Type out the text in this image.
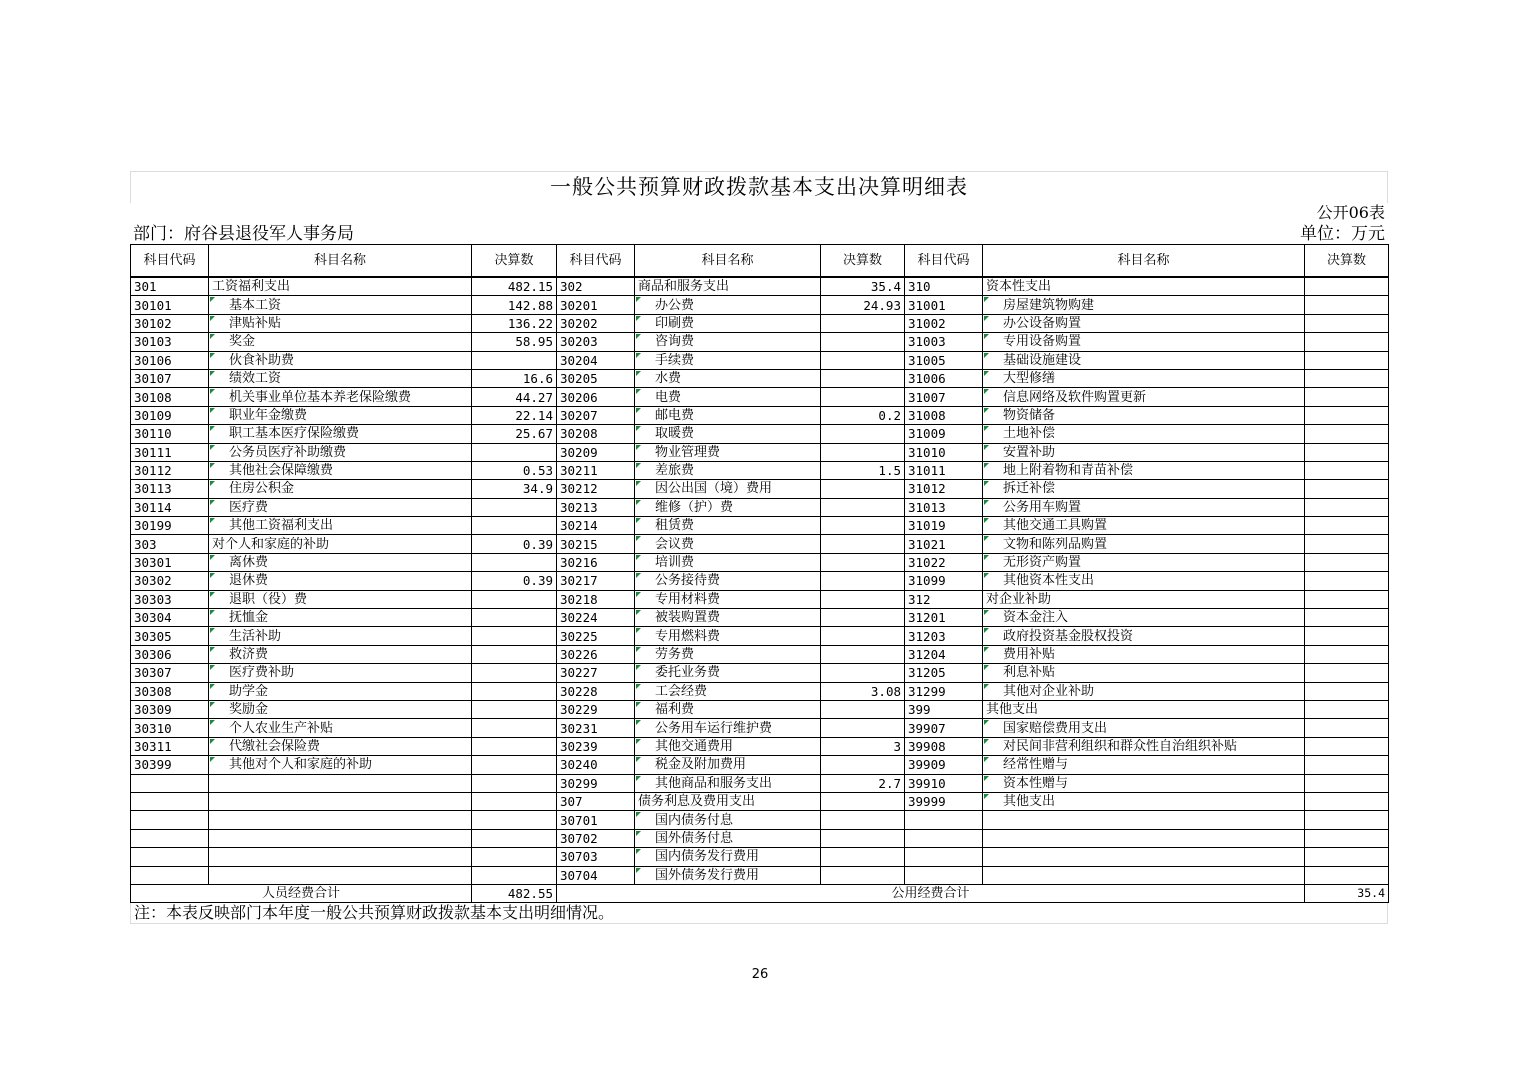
一般公共预算财政拨款基本支出决算明细表
部门：府谷县退役军人事务局
公开06表
单位：万元
科目代码	科目名称	决算数	科目代码	科目名称	决算数	科目代码	科目名称	决算数
301	工资福利支出	482.15	302	商品和服务支出	35.4	310	资本性支出	
30101	基本工资	142.88	30201	办公费	24.93	31001	房屋建筑物购建	
30102	津贴补贴	136.22	30202	印刷费		31002	办公设备购置	
30103	奖金	58.95	30203	咨询费		31003	专用设备购置	
30106	伙食补助费		30204	手续费		31005	基础设施建设	
30107	绩效工资	16.6	30205	水费		31006	大型修缮	
30108	机关事业单位基本养老保险缴费	44.27	30206	电费		31007	信息网络及软件购置更新	
30109	职业年金缴费	22.14	30207	邮电费	0.2	31008	物资储备	
30110	职工基本医疗保险缴费	25.67	30208	取暖费		31009	土地补偿	
30111	公务员医疗补助缴费		30209	物业管理费		31010	安置补助	
30112	其他社会保障缴费	0.53	30211	差旅费	1.5	31011	地上附着物和青苗补偿	
30113	住房公积金	34.9	30212	因公出国（境）费用		31012	拆迁补偿	
30114	医疗费		30213	维修（护）费		31013	公务用车购置	
30199	其他工资福利支出		30214	租赁费		31019	其他交通工具购置	
303	对个人和家庭的补助	0.39	30215	会议费		31021	文物和陈列品购置	
30301	离休费		30216	培训费		31022	无形资产购置	
30302	退休费	0.39	30217	公务接待费		31099	其他资本性支出	
30303	退职（役）费		30218	专用材料费		312	对企业补助	
30304	抚恤金		30224	被装购置费		31201	资本金注入	
30305	生活补助		30225	专用燃料费		31203	政府投资基金股权投资	
30306	救济费		30226	劳务费		31204	费用补贴	
30307	医疗费补助		30227	委托业务费		31205	利息补贴	
30308	助学金		30228	工会经费	3.08	31299	其他对企业补助	
30309	奖励金		30229	福利费		399	其他支出	
30310	个人农业生产补贴		30231	公务用车运行维护费		39907	国家赔偿费用支出	
30311	代缴社会保险费		30239	其他交通费用	3	39908	对民间非营利组织和群众性自治组织补贴	
30399	其他对个人和家庭的补助		30240	税金及附加费用		39909	经常性赠与	
			30299	其他商品和服务支出	2.7	39910	资本性赠与	
			307	债务利息及费用支出		39999	其他支出	
			30701	国内债务付息				
			30702	国外债务付息				
			30703	国内债务发行费用				
			30704	国外债务发行费用				
人员经费合计		482.55	公用经费合计					35.4
注：本表反映部门本年度一般公共预算财政拨款基本支出明细情况。
26
